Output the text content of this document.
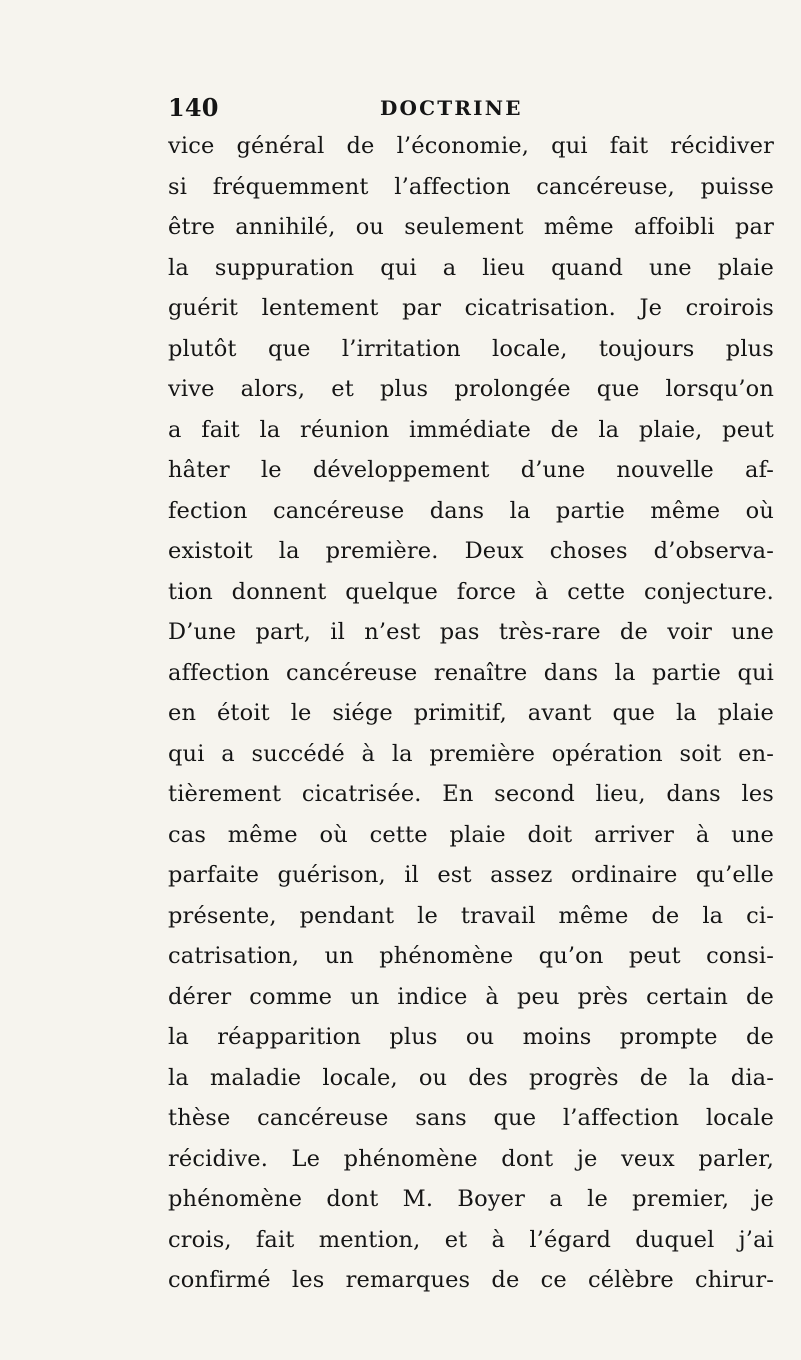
140	DOCTRINE
vice général de l’économie, qui fait récidiver
si fréquemment l’affection cancéreuse, puisse
être annihilé, ou seulement même affoibli par
la suppuration qui a lieu quand une plaie
guérit lentement par cicatrisation. Je croirois
plutôt que l’irritation locale, toujours plus
vive alors, et plus prolongée que lorsqu’on
a fait la réunion immédiate de la plaie, peut
hâter le développement d’une nouvelle af-
fection cancéreuse dans la partie même où
existoit la première. Deux choses d’observa-
tion donnent quelque force à cette conjecture.
D’une part, il n’est pas très-rare de voir une
affection cancéreuse renaître dans la partie qui
en étoit le siége primitif, avant que la plaie
qui a succédé à la première opération soit en-
tièrement cicatrisée. En second lieu, dans les
cas même où cette plaie doit arriver à une
parfaite guérison, il est assez ordinaire qu’elle
présente, pendant le travail même de la ci-
catrisation, un phénomène qu’on peut consi-
dérer comme un indice à peu près certain de
la réapparition plus ou moins prompte de
la maladie locale, ou des progrès de la dia-
thèse cancéreuse sans que l’affection locale
récidive. Le phénomène dont je veux parler,
phénomène dont M. Boyer a le premier, je
crois, fait mention, et à l’égard duquel j’ai
confirmé les remarques de ce célèbre chirur-
